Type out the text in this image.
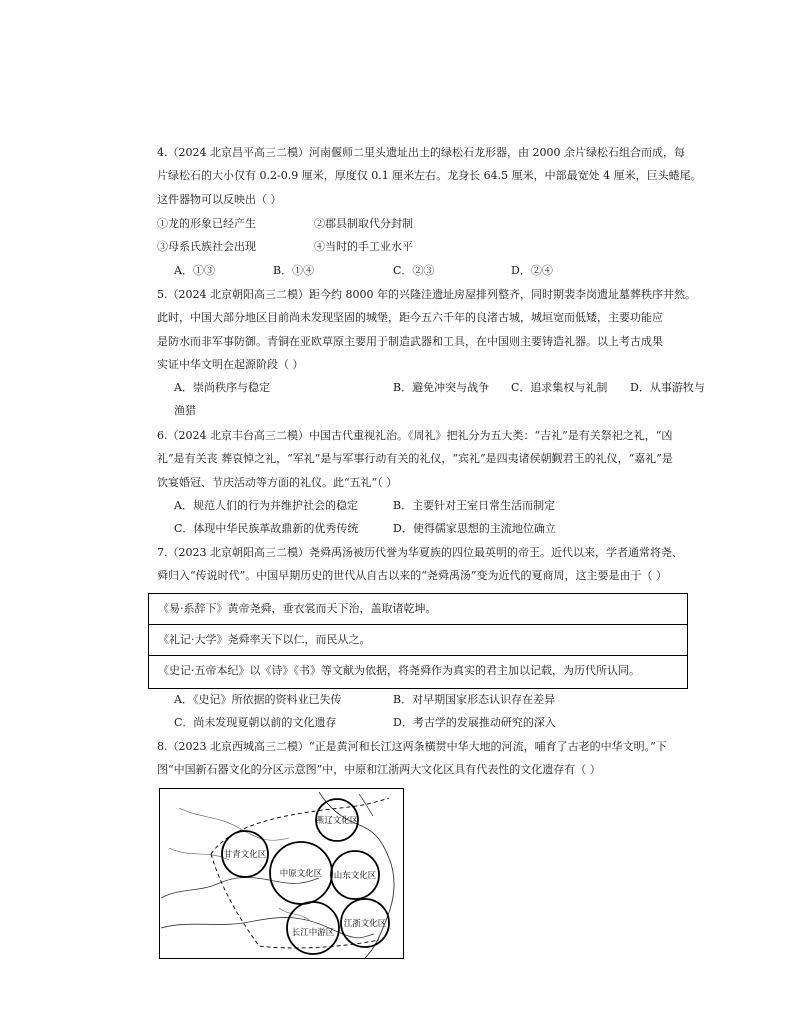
4.（2024 北京昌平高三二模）河南偃师二里头遗址出土的绿松石龙形器，由 2000 余片绿松石组合而成，每
片绿松石的大小仅有 0.2-0.9 厘米，厚度仅 0.1 厘米左右。龙身长 64.5 厘米，中部最宽处 4 厘米，巨头蜷尾。
这件器物可以反映出（ ）
①龙的形象已经产生	②郡县制取代分封制
③母系氏族社会出现	④当时的手工业水平
A．①③	B．①④	C．②③	D．②④
5.（2024 北京朝阳高三二模）距今约 8000 年的兴隆洼遗址房屋排列整齐，同时期裴李岗遗址墓葬秩序井然。
此时，中国大部分地区目前尚未发现坚固的城堡，距今五六千年的良渚古城，城垣宽而低矮，主要功能应
是防水而非军事防御。青铜在亚欧草原主要用于制造武器和工具，在中国则主要铸造礼器。以上考古成果
实证中华文明在起源阶段（ ）
A．崇尚秩序与稳定	B．避免冲突与战争 C．追求集权与礼制 D．从事游牧与
渔猎
6.（2024 北京丰台高三二模）中国古代重视礼治。《周礼》把礼分为五大类：“吉礼”是有关祭祀之礼，“凶
礼”是有关丧 葬哀悼之礼，“军礼”是与军事行动有关的礼仪，“宾礼”是四夷诸侯朝觐君王的礼仪，“嘉礼”是
饮宴婚冠、节庆活动等方面的礼仪。此“五礼”（ ）
A．规范人们的行为并维护社会的稳定	B．主要针对王室日常生活而制定
C．体现中华民族革故鼎新的优秀传统	D．使得儒家思想的主流地位确立
7.（2023 北京朝阳高三二模）尧舜禹汤被历代誉为华夏族的四位最英明的帝王。近代以来，学者通常将尧、
舜归入“传说时代”。中国早期历史的世代从自古以来的“尧舜禹汤”变为近代的夏商周，这主要是由于（ ）
《易·系辞下》黄帝尧舜，垂衣裳而天下治，盖取诸乾坤。
《礼记·大学》尧舜率天下以仁，而民从之。
《史记·五帝本纪》以《诗》《书》等文献为依据，将尧舜作为真实的君主加以记载，为历代所认同。
A．《史记》所依据的资料业已失传	B．对早期国家形态认识存在差异
C．尚未发现夏朝以前的文化遗存	D．考古学的发展推动研究的深入
8.（2023 北京西城高三二模）“正是黄河和长江这两条横贯中华大地的河流，哺育了古老的中华文明。”下
图“中国新石器文化的分区示意图”中，中原和江浙两大文化区具有代表性的文化遗存有（ ）
燕辽文化区
甘青文化区
中原文化区 山东文化区
长江中游区
江浙文化区
